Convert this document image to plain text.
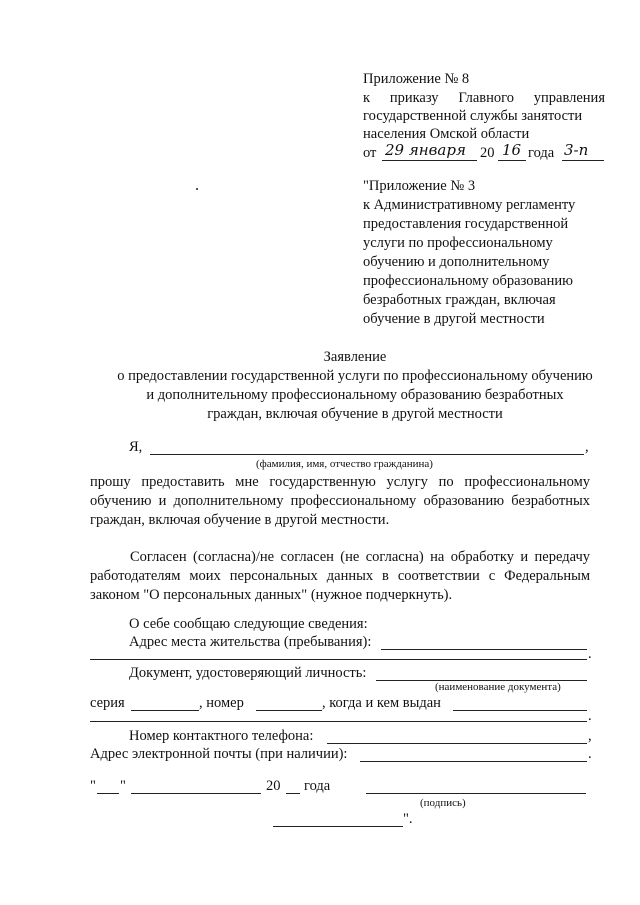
Приложение № 8
к приказу Главного управления
государственной службы занятости
населения Омской области
от 29 января 20 16 года 3-п
"Приложение № 3
к Административному регламенту
предоставления государственной
услуги по профессиональному
обучению и дополнительному
профессиональному образованию
безработных граждан, включая
обучение в другой местности
Заявление
о предоставлении государственной услуги по профессиональному обучению
и дополнительному профессиональному образованию безработных
граждан, включая обучение в другой местности
Я,	,
(фамилия, имя, отчество гражданина)
прошу предоставить мне государственную услугу по профессиональному
обучению и дополнительному профессиональному образованию безработных
граждан, включая обучение в другой местности.
Согласен (согласна)/не согласен (не согласна) на обработку и передачу
работодателям моих персональных данных в соответствии с Федеральным
законом "О персональных данных" (нужное подчеркнуть).
О себе сообщаю следующие сведения:
Адрес места жительства (пребывания):
.
Документ, удостоверяющий личность:
(наименование документа)
серия	, номер	, когда и кем выдан
.
Номер контактного телефона:	,
Адрес электронной почты (при наличии):	.
" "	20 года
(подпись)
".
